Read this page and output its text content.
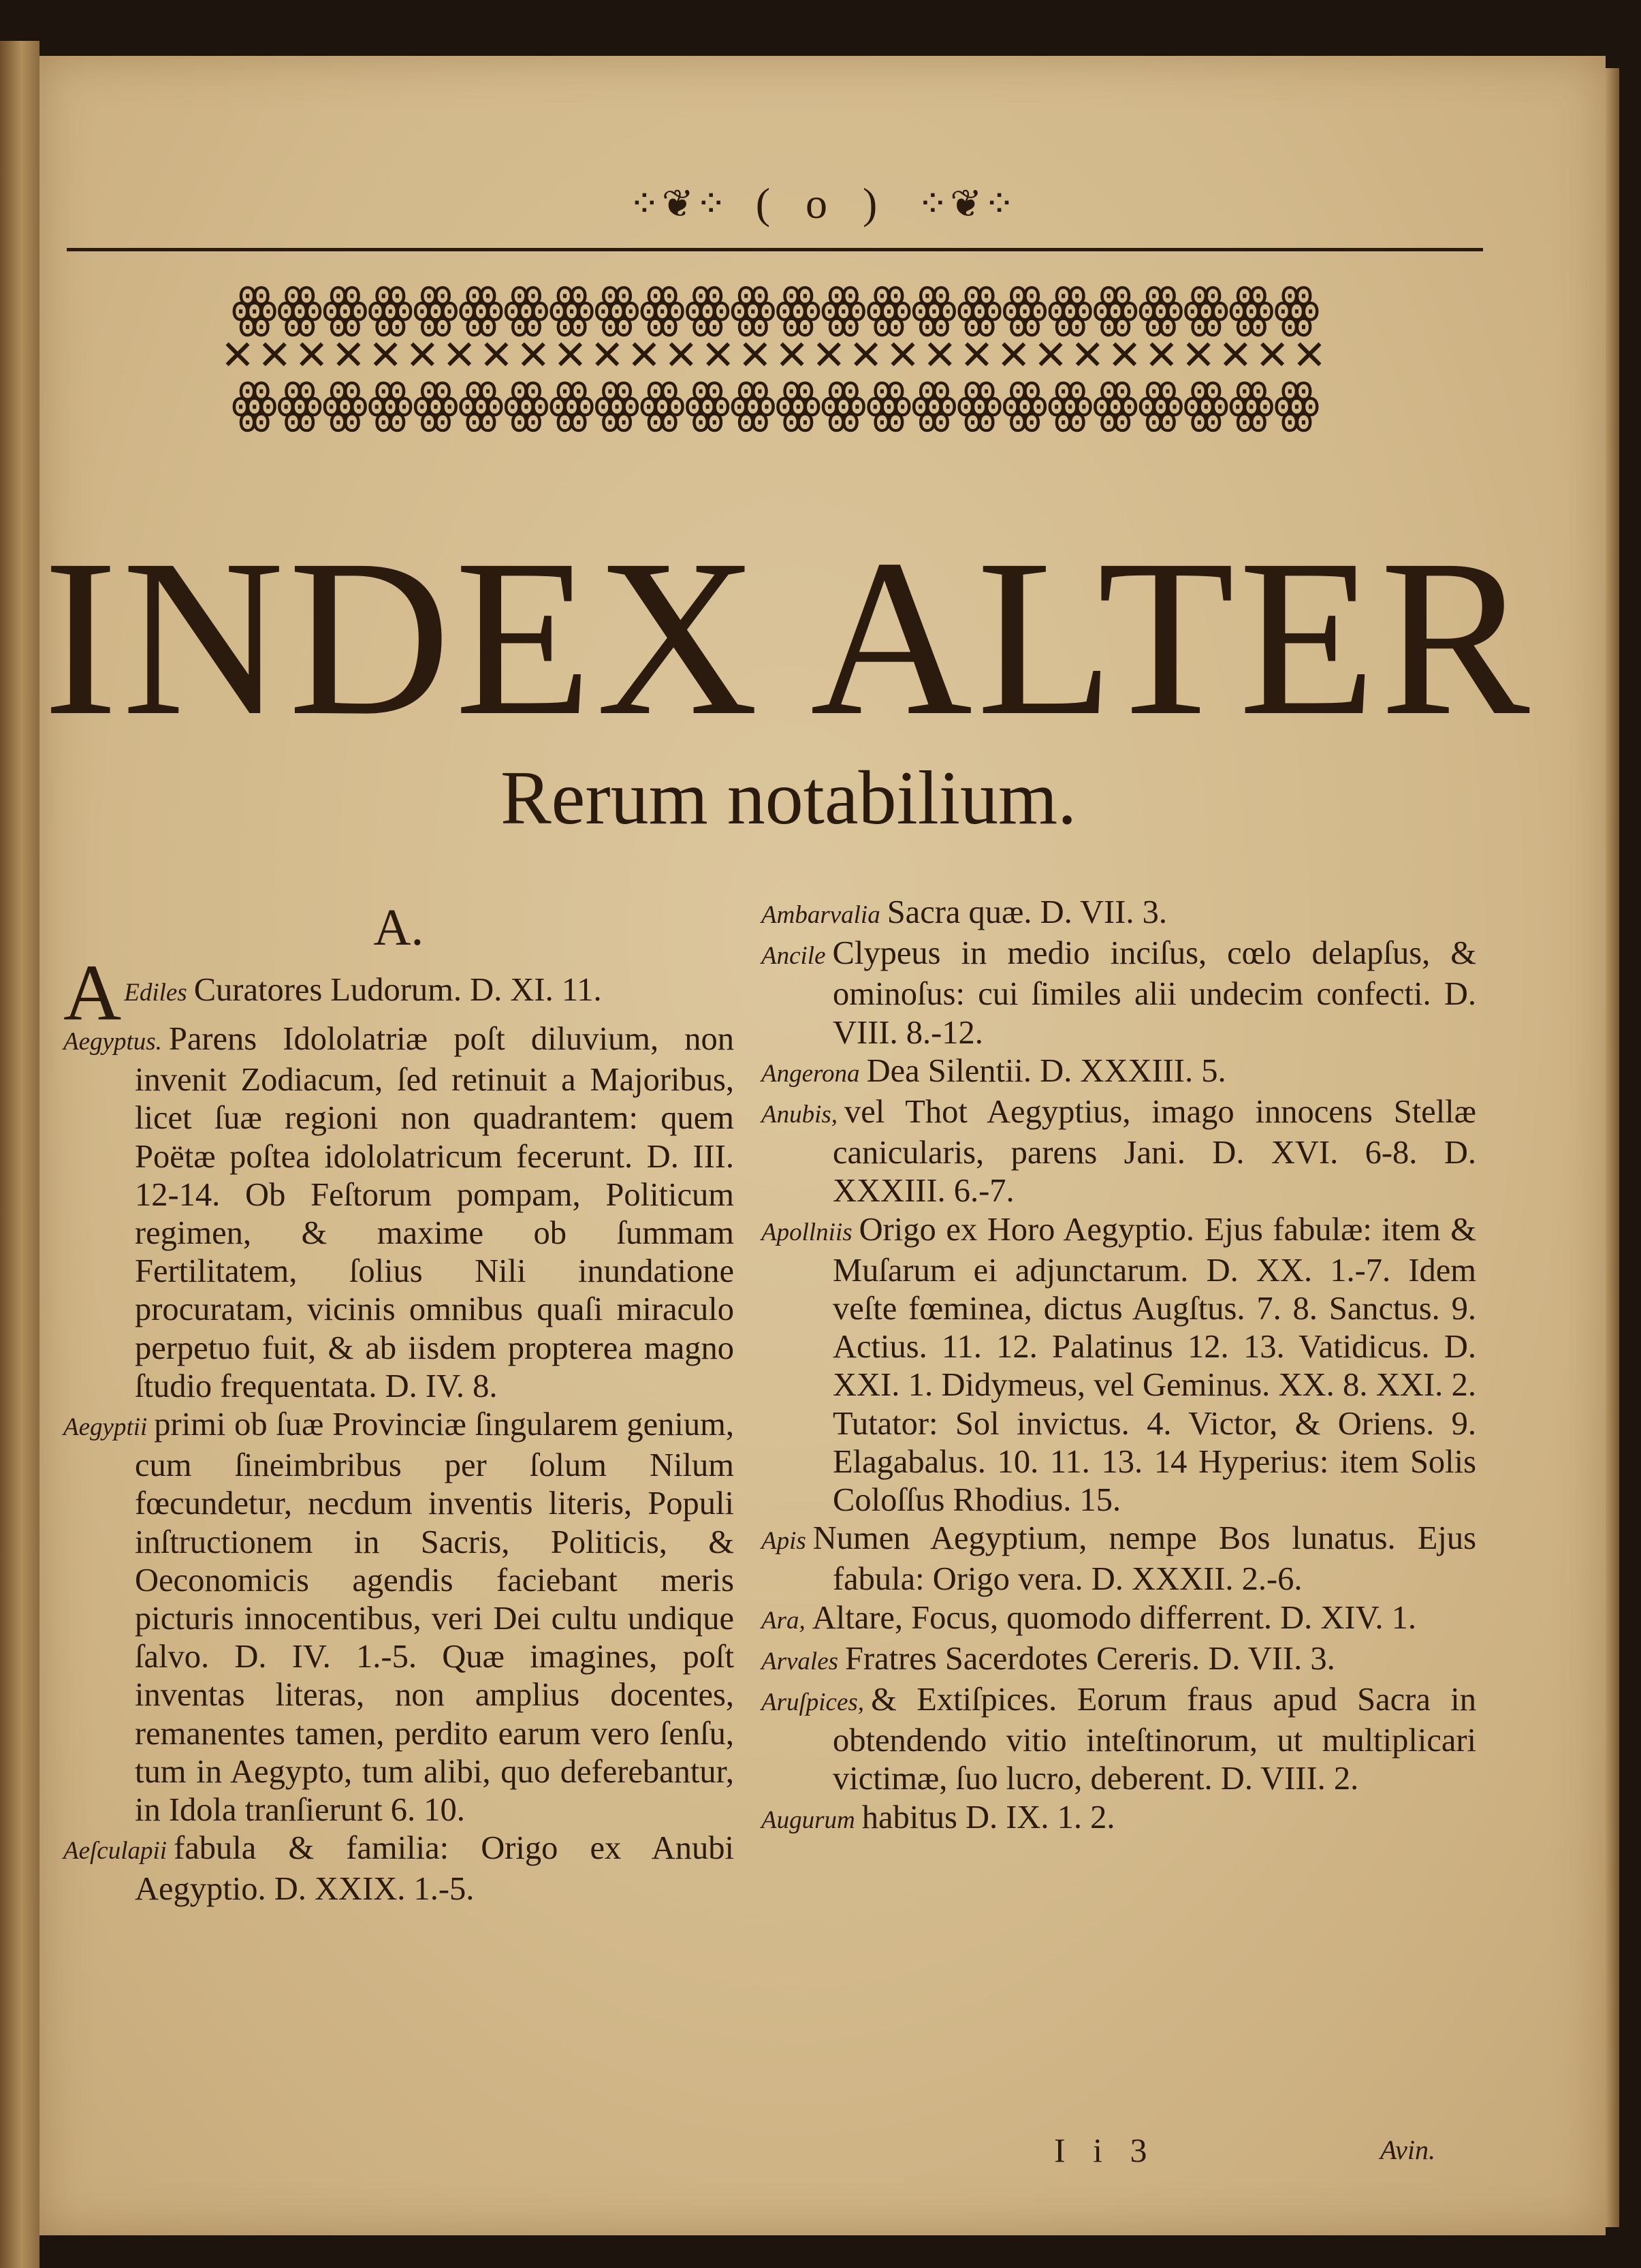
⁘❦⁘ ( o ) ⁘❦⁘
ꙮꙮꙮꙮꙮꙮꙮꙮꙮꙮꙮꙮꙮꙮꙮꙮꙮꙮꙮꙮꙮꙮꙮꙮ
✕✕✕✕✕✕✕✕✕✕✕✕✕✕✕✕✕✕✕✕✕✕✕✕✕✕✕✕✕✕
ꙮꙮꙮꙮꙮꙮꙮꙮꙮꙮꙮꙮꙮꙮꙮꙮꙮꙮꙮꙮꙮꙮꙮꙮ
INDEX ALTER
Rerum notabilium.
A.

A Ediles Curatores Ludorum. D. XI. 11.

Aegyptus. Parens Idololatriæ poſt diluvium, non invenit Zodiacum, ſed retinuit a Majoribus, licet ſuæ regioni non quadrantem: quem Poëtæ poſtea idololatricum fecerunt. D. III. 12-14. Ob Feſtorum pompam, Politicum regimen, & maxime ob ſummam Fertilitatem, ſolius Nili inundatione procuratam, vicinis omnibus quaſi miraculo perpetuo fuit, & ab iisdem propterea magno ſtudio frequentata. D. IV. 8.

Aegyptii primi ob ſuæ Provinciæ ſingularem genium, cum ſineimbribus per ſolum Nilum fœcundetur, necdum inventis literis, Populi inſtructionem in Sacris, Politicis, & Oeconomicis agendis faciebant meris picturis innocentibus, veri Dei cultu undique ſalvo. D. IV. 1.-5. Quæ imagines, poſt inventas literas, non amplius docentes, remanentes tamen, perdito earum vero ſenſu, tum in Aegypto, tum alibi, quo deferebantur, in Idola tranſierunt 6. 10.

Aeſculapii fabula & familia: Origo ex Anubi Aegyptio. D. XXIX. 1.-5.

Ambarvalia Sacra quæ. D. VII. 3.

Ancile Clypeus in medio inciſus, cœlo delapſus, & ominoſus: cui ſimiles alii undecim confecti. D. VIII. 8.-12.

Angerona Dea Silentii. D. XXXIII. 5.

Anubis, vel Thot Aegyptius, imago innocens Stellæ canicularis, parens Jani. D. XVI. 6-8. D. XXXIII. 6.-7.

Apollniis Origo ex Horo Aegyptio. Ejus fabulæ: item & Muſarum ei adjunctarum. D. XX. 1.-7. Idem veſte fœminea, dictus Augſtus. 7. 8. Sanctus. 9. Actius. 11. 12. Palatinus 12. 13. Vatidicus. D. XXI. 1. Didymeus, vel Geminus. XX. 8. XXI. 2. Tutator: Sol invictus. 4. Victor, & Oriens. 9. Elagabalus. 10. 11. 13. 14 Hyperius: item Solis Coloſſus Rhodius. 15.

Apis Numen Aegyptium, nempe Bos lunatus. Ejus fabula: Origo vera. D. XXXII. 2.-6.

Ara, Altare, Focus, quomodo differrent. D. XIV. 1.

Arvales Fratres Sacerdotes Cereris. D. VII. 3.

Aruſpices, & Extiſpices. Eorum fraus apud Sacra in obtendendo vitio inteſtinorum, ut multiplicari victimæ, ſuo lucro, deberent. D. VIII. 2.

Augurum habitus D. IX. 1. 2.

I i 3	Avin.
